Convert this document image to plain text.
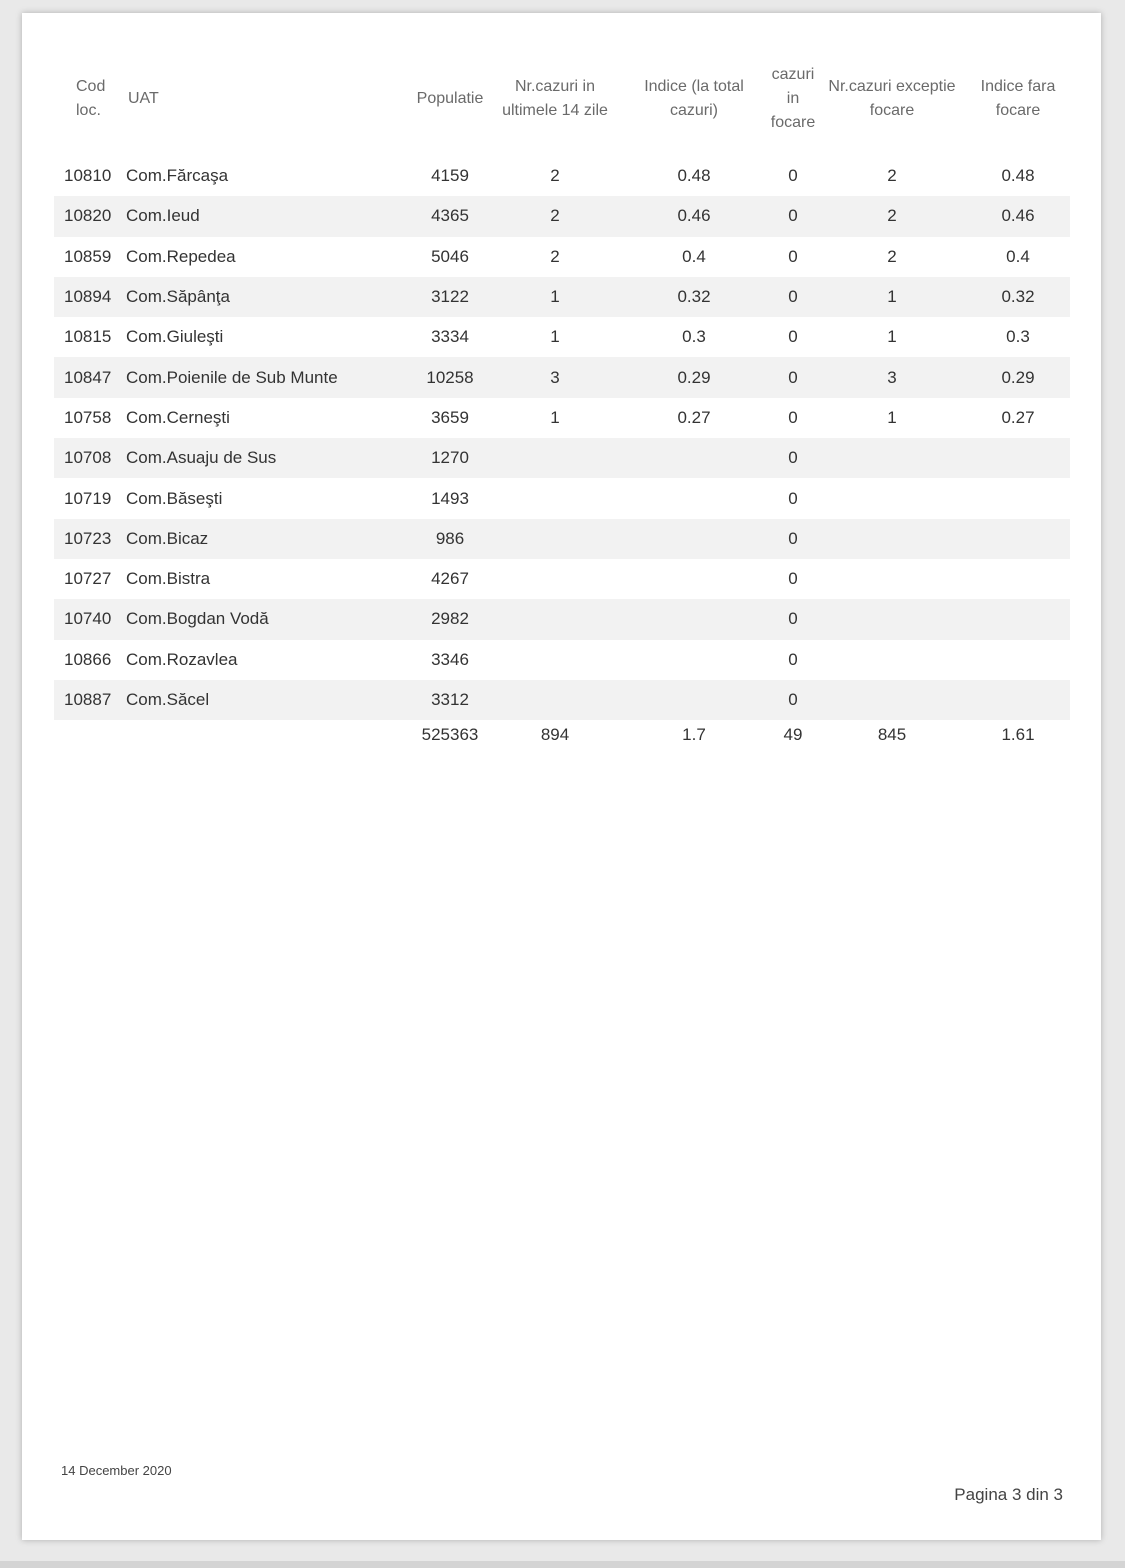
Cod loc.	UAT	Populatie	Nr.cazuri in ultimele 14 zile	Indice (la total cazuri)	cazuri in focare	Nr.cazuri exceptie focare	Indice fara focare

10810	Com.Fărcaşa	4159	2	0.48	0	2	0.48
10820	Com.Ieud	4365	2	0.46	0	2	0.46
10859	Com.Repedea	5046	2	0.4	0	2	0.4
10894	Com.Săpânţa	3122	1	0.32	0	1	0.32
10815	Com.Giuleşti	3334	1	0.3	0	1	0.3
10847	Com.Poienile de Sub Munte	10258	3	0.29	0	3	0.29
10758	Com.Cerneşti	3659	1	0.27	0	1	0.27
10708	Com.Asuaju de Sus	1270			0		
10719	Com.Băseşti	1493			0		
10723	Com.Bicaz	986			0		
10727	Com.Bistra	4267			0		
10740	Com.Bogdan Vodă	2982			0		
10866	Com.Rozavlea	3346			0		
10887	Com.Săcel	3312			0		
		525363	894	1.7	49	845	1.61
14 December 2020
Pagina 3 din 3
